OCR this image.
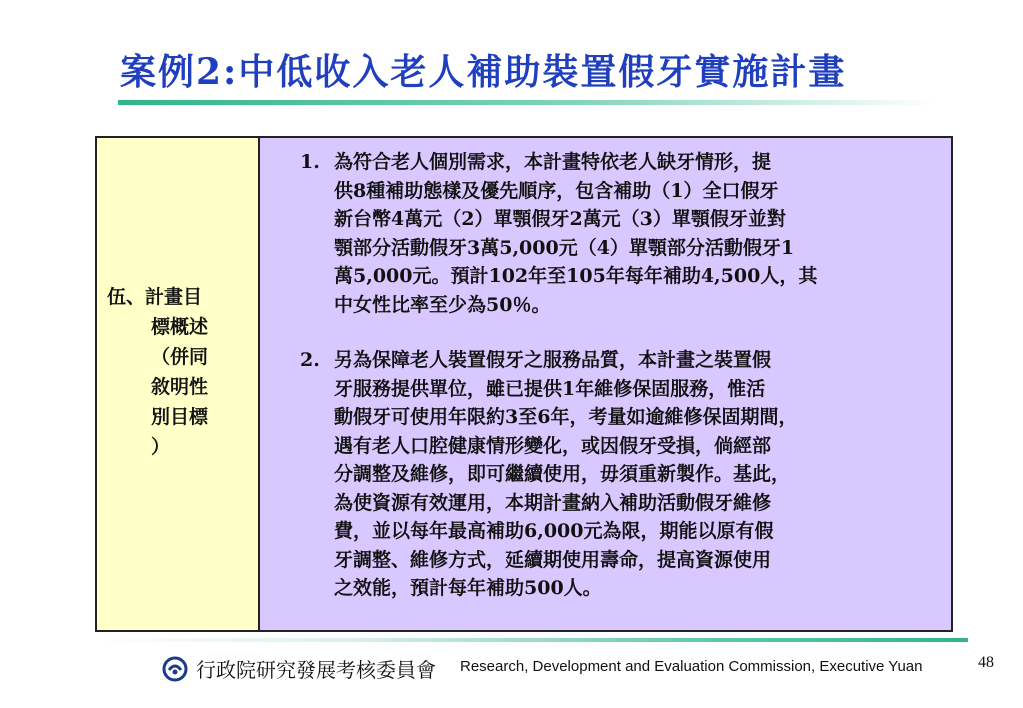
案例2:中低收入老人補助裝置假牙實施計畫
伍、計畫目
標概述
（併同
敘明性
別目標
）
1. 為符合老人個別需求，本計畫特依老人缺牙情形，提
供8種補助態樣及優先順序，包含補助（1）全口假牙
新台幣4萬元（2）單顎假牙2萬元（3）單顎假牙並對
顎部分活動假牙3萬5,000元（4）單顎部分活動假牙1
萬5,000元。預計102年至105年每年補助4,500人，其
中女性比率至少為50％。
2. 另為保障老人裝置假牙之服務品質，本計畫之裝置假
牙服務提供單位，雖已提供1年維修保固服務，惟活
動假牙可使用年限約3至6年，考量如逾維修保固期間，
遇有老人口腔健康情形變化，或因假牙受損，倘經部
分調整及維修，即可繼續使用，毋須重新製作。基此，
為使資源有效運用，本期計畫納入補助活動假牙維修
費，並以每年最高補助6,000元為限，期能以原有假
牙調整、維修方式，延續期使用壽命，提高資源使用
之效能，預計每年補助500人。
行政院研究發展考核委員會 Research, Development and Evaluation Commission, Executive Yuan	48
